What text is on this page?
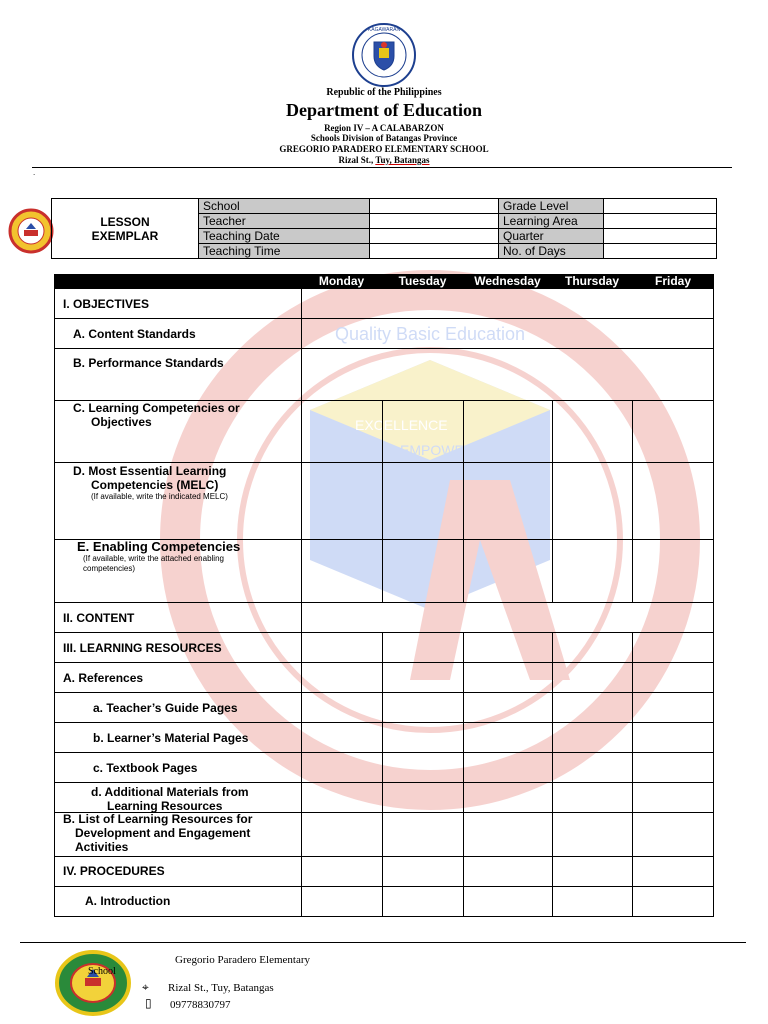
KAGAWARAN
Republic of the Philippines
Department of Education
Region IV – A CALABARZON
Schools Division of Batangas Province
GREGORIO PARADERO ELEMENTARY SCHOOL
Rizal St., Tuy, Batangas
.
LESSON
EXEMPLAR	School		Grade Level	
	Teacher		Learning Area	
	Teaching Date		Quarter	
	Teaching Time		No. of Days	
Quality Basic Education
EXCELLENCE
EMPOWERMENT
EFFICIENCY
Monday	Tuesday	Wednesday	Thursday	Friday
I. OBJECTIVES
A. Content Standards
B. Performance Standards
C. Learning Competencies or
Objectives
D. Most Essential Learning
Competencies (MELC)
(If available, write the indicated MELC)
E. Enabling Competencies
(If available, write the attached enabling competencies)
II. CONTENT
III. LEARNING RESOURCES
A. References
a. Teacher’s Guide Pages
b. Learner’s Material Pages
c. Textbook Pages
d. Additional Materials from
Learning Resources
B. List of Learning Resources for
Development and Engagement
Activities
IV. PROCEDURES
A. Introduction
Gregorio Paradero Elementary
School
⌖ Rizal St., Tuy, Batangas
▯ 09778830797
